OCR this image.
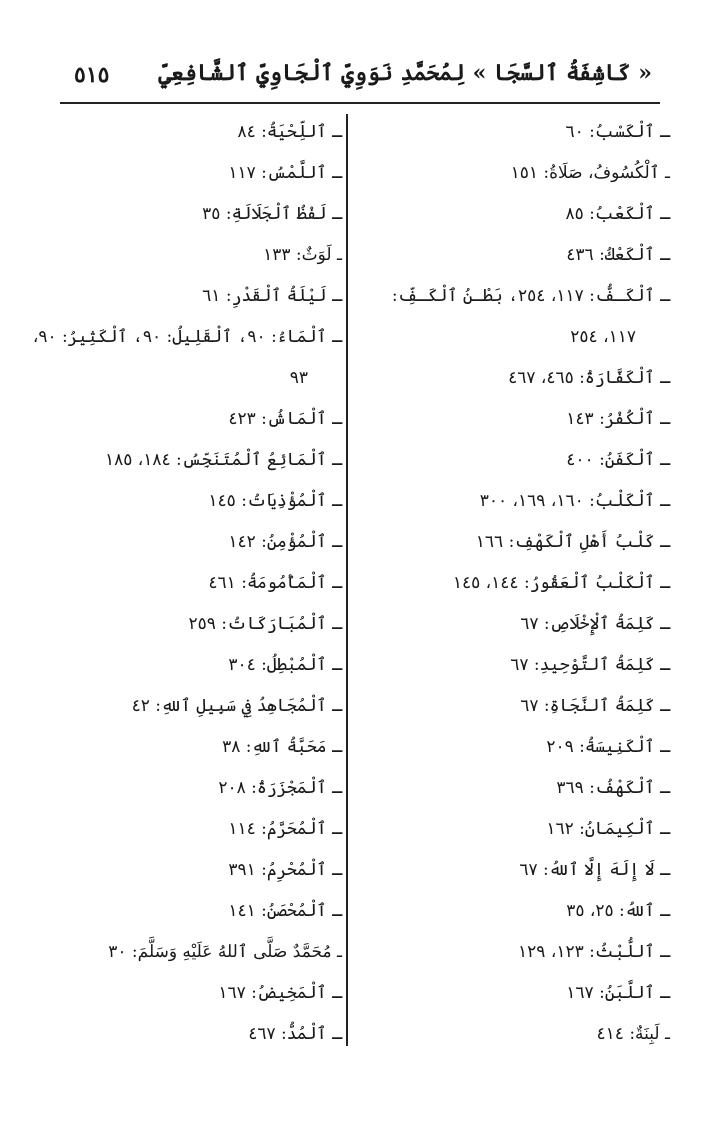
٥١٥ « كَاشِفَةُ ٱلسَّجَا » لِمُحَمَّدِ نَوَوِيِّ ٱلْجَاوِيِّ ٱلشَّافِعِيِّ
ـ ٱلْكَسْبُ: ٦٠
ـ ٱلْكُسُوفُ، صَلَاةُ: ١٥١
ـ ٱلْكَعْبُ: ٨٥
ـ ٱلْكَعْكُ: ٤٣٦
ـ ٱلْكَـفُّ: ١١٧، ٢٥٤، بَطْـنُ ٱلْكَـفِّ:
١١٧، ٢٥٤
ـ ٱلْكَفَّارَةُ: ٤٦٥، ٤٦٧
ـ ٱلْكُفْرُ: ١٤٣
ـ ٱلْكَفَنُ: ٤٠٠
ـ ٱلْكَلْبُ: ١٦٠، ١٦٩، ٣٠٠
ـ كَلْبُ أَهْلِ ٱلْكَهْفِ: ١٦٦
ـ ٱلْكَلْبُ ٱلْعَقُورُ: ١٤٤، ١٤٥
ـ كَلِمَةُ ٱلْإِخْلَاصِ: ٦٧
ـ كَلِمَةُ ٱلتَّوْحِيدِ: ٦٧
ـ كَلِمَةُ ٱلنَّجَاةِ: ٦٧
ـ ٱلْكَنِيسَةُ: ٢٠٩
ـ ٱلْكَهْفُ: ٣٦٩
ـ ٱلْكِيمَانُ: ١٦٢
ـ لَا إِلَهَ إِلَّا ٱللهُ: ٦٧
ـ ٱللهُ: ٢٥، ٣٥
ـ ٱللُّبْثُ: ١٢٣، ١٢٩
ـ ٱللَّبَنُ: ١٦٧
ـ لَبِنَةٌ: ٤١٤
ـ ٱللِّحْيَةُ: ٨٤
ـ ٱللَّمْسُ: ١١٧
ـ لَفْظُ ٱلْجَلَالَةِ: ٣٥
ـ لَوَثٌ: ١٣٣
ـ لَيْلَةُ ٱلْقَدْرِ: ٦١
ـ ٱلْمَاءُ: ٩٠، ٱلْقَلِيلُ: ٩٠، ٱلْكَثِيرُ: ٩٠،
٩٣
ـ ٱلْمَاشُ: ٤٢٣
ـ ٱلْمَائِعُ ٱلْمُتَنَجِّسُ: ١٨٤، ١٨٥
ـ ٱلْمُؤْذِيَاتُ: ١٤٥
ـ ٱلْمُؤْمِنُ: ١٤٢
ـ ٱلْمَأْمُومَةُ: ٤٦١
ـ ٱلْمُبَارَكَاتُ: ٢٥٩
ـ ٱلْمُبْطِلُ: ٣٠٤
ـ ٱلْمُجَاهِدُ فِي سَبِيلِ ٱللهِ: ٤٢
ـ مَحَبَّةُ ٱللهِ: ٣٨
ـ ٱلْمَجْزَرَةُ: ٢٠٨
ـ ٱلْمُحَرَّمُ: ١١٤
ـ ٱلْمُحْرِمُ: ٣٩١
ـ ٱلْمُحْصَنُ: ١٤١
ـ مُحَمَّدٌ صَلَّى ٱللهُ عَلَيْهِ وَسَلَّمَ: ٣٠
ـ ٱلْمَخِيضُ: ١٦٧
ـ ٱلْمُدُّ: ٤٦٧
